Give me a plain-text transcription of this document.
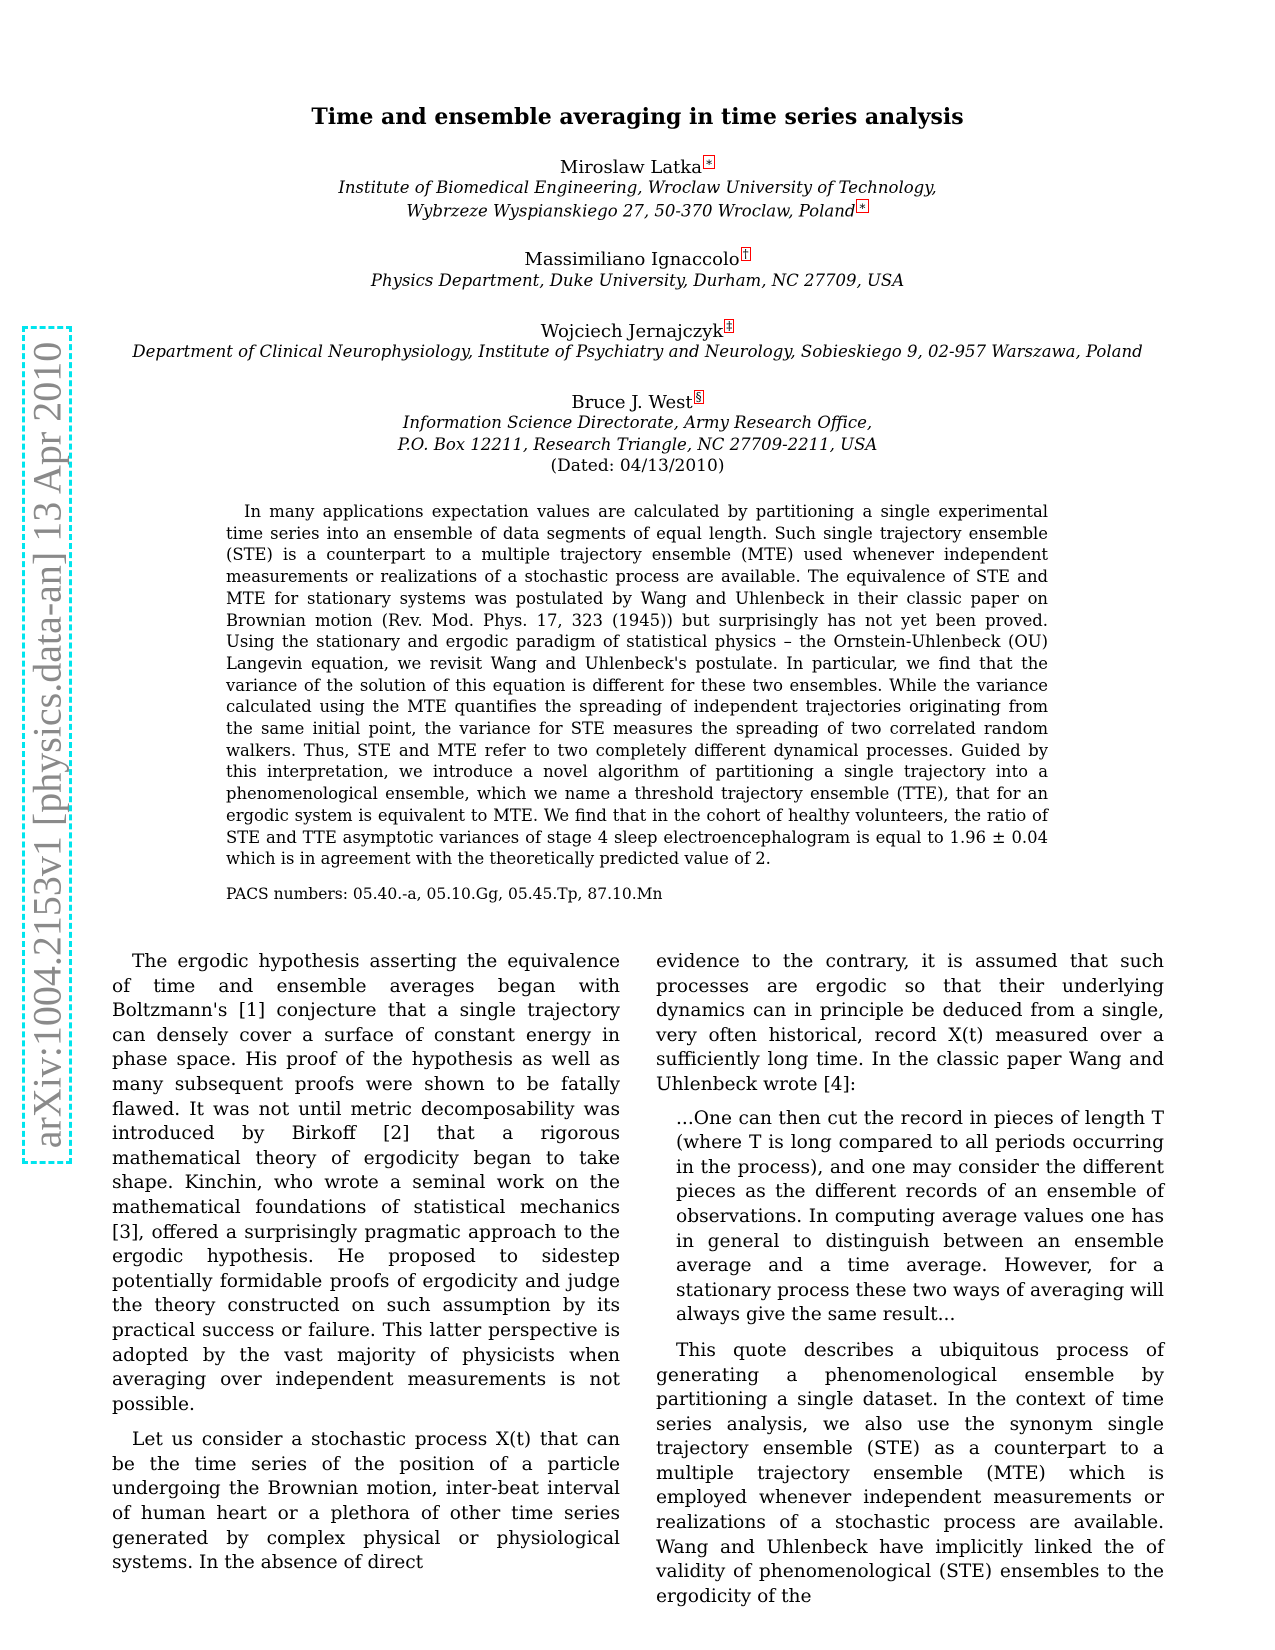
arXiv:1004.2153v1 [physics.data-an] 13 Apr 2010
Time and ensemble averaging in time series analysis
Miroslaw Latka ∗
Institute of Biomedical Engineering, Wroclaw University of Technology,
Wybrzeze Wyspianskiego 27, 50-370 Wroclaw, Poland ∗
Massimiliano Ignaccolo †
Physics Department, Duke University, Durham, NC 27709, USA
Wojciech Jernajczyk ‡
Department of Clinical Neurophysiology, Institute of Psychiatry and Neurology, Sobieskiego 9, 02-957 Warszawa, Poland
Bruce J. West §
Information Science Directorate, Army Research Office,
P.O. Box 12211, Research Triangle, NC 27709-2211, USA
(Dated: 04/13/2010)

In many applications expectation values are calculated by partitioning a single experimental time series into an ensemble of data segments of equal length. Such single trajectory ensemble (STE) is a counterpart to a multiple trajectory ensemble (MTE) used whenever independent measurements or realizations of a stochastic process are available. The equivalence of STE and MTE for stationary systems was postulated by Wang and Uhlenbeck in their classic paper on Brownian motion (Rev. Mod. Phys. 17, 323 (1945)) but surprisingly has not yet been proved. Using the stationary and ergodic paradigm of statistical physics – the Ornstein-Uhlenbeck (OU) Langevin equation, we revisit Wang and Uhlenbeck's postulate. In particular, we find that the variance of the solution of this equation is different for these two ensembles. While the variance calculated using the MTE quantifies the spreading of independent trajectories originating from the same initial point, the variance for STE measures the spreading of two correlated random walkers. Thus, STE and MTE refer to two completely different dynamical processes. Guided by this interpretation, we introduce a novel algorithm of partitioning a single trajectory into a phenomenological ensemble, which we name a threshold trajectory ensemble (TTE), that for an ergodic system is equivalent to MTE. We find that in the cohort of healthy volunteers, the ratio of STE and TTE asymptotic variances of stage 4 sleep electroencephalogram is equal to 1.96 ± 0.04 which is in agreement with the theoretically predicted value of 2.

PACS numbers: 05.40.-a, 05.10.Gg, 05.45.Tp, 87.10.Mn

The ergodic hypothesis asserting the equivalence of time and ensemble averages began with Boltzmann's [1] conjecture that a single trajectory can densely cover a surface of constant energy in phase space. His proof of the hypothesis as well as many subsequent proofs were shown to be fatally flawed. It was not until metric decomposability was introduced by Birkoff [2] that a rigorous mathematical theory of ergodicity began to take shape. Kinchin, who wrote a seminal work on the mathematical foundations of statistical mechanics [3], offered a surprisingly pragmatic approach to the ergodic hypothesis. He proposed to sidestep potentially formidable proofs of ergodicity and judge the theory constructed on such assumption by its practical success or failure. This latter perspective is adopted by the vast majority of physicists when averaging over independent measurements is not possible.

Let us consider a stochastic process X(t) that can be the time series of the position of a particle undergoing the Brownian motion, inter-beat interval of human heart or a plethora of other time series generated by complex physical or physiological systems. In the absence of direct

evidence to the contrary, it is assumed that such processes are ergodic so that their underlying dynamics can in principle be deduced from a single, very often historical, record X(t) measured over a sufficiently long time. In the classic paper Wang and Uhlenbeck wrote [4]:

...One can then cut the record in pieces of length T (where T is long compared to all periods occurring in the process), and one may consider the different pieces as the different records of an ensemble of observations. In computing average values one has in general to distinguish between an ensemble average and a time average. However, for a stationary process these two ways of averaging will always give the same result...

This quote describes a ubiquitous process of generating a phenomenological ensemble by partitioning a single dataset. In the context of time series analysis, we also use the synonym single trajectory ensemble (STE) as a counterpart to a multiple trajectory ensemble (MTE) which is employed whenever independent measurements or realizations of a stochastic process are available. Wang and Uhlenbeck have implicitly linked the of validity of phenomenological (STE) ensembles to the ergodicity of the
